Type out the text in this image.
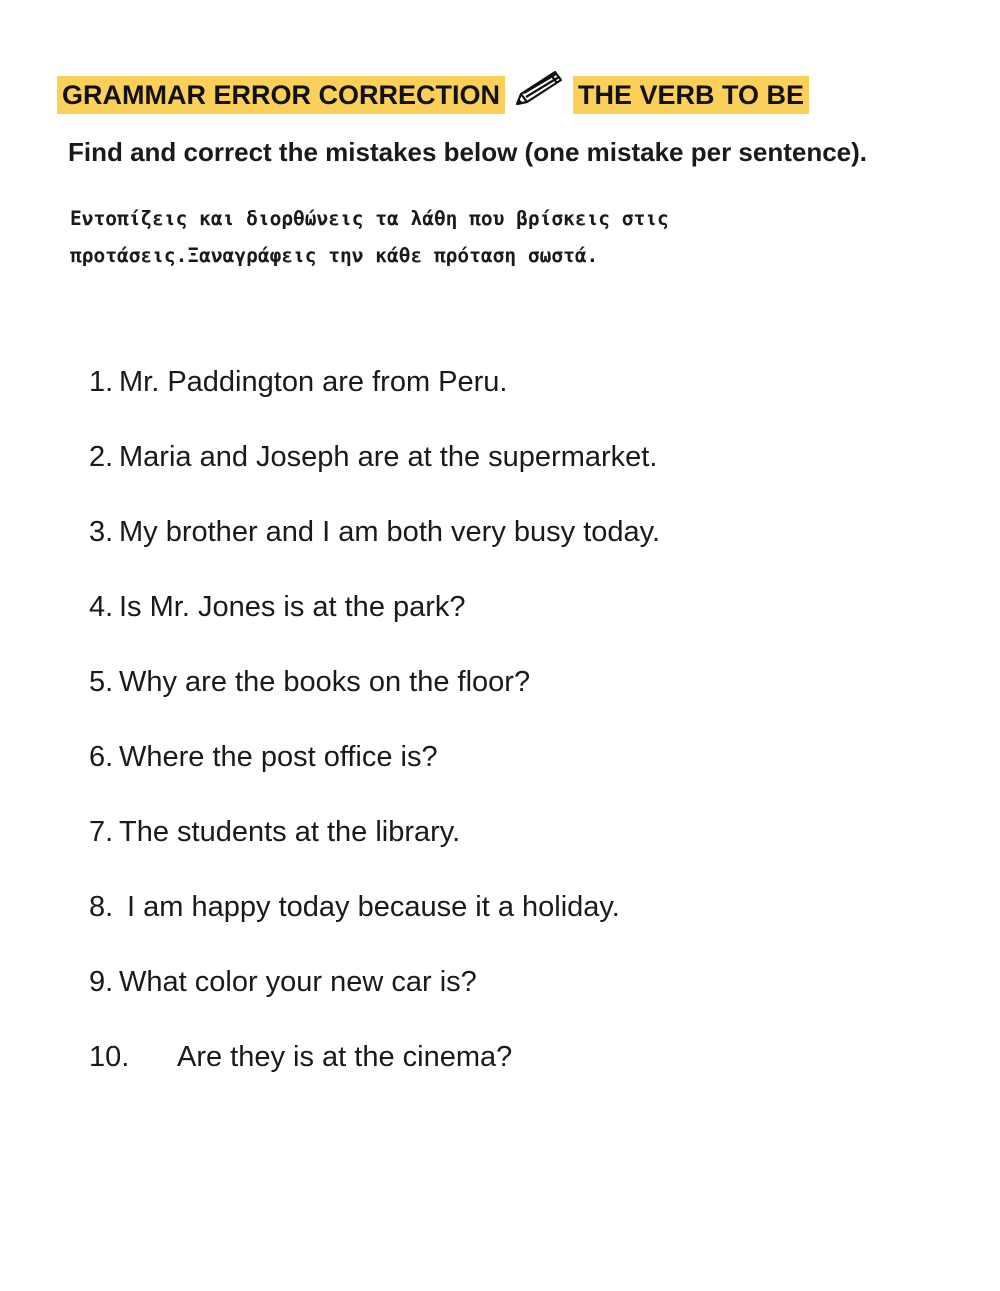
GRAMMAR ERROR CORRECTION	THE VERB TO BE

Find and correct the mistakes below (one mistake per sentence).

Εντοπίζεις και διορθώνεις τα λάθη που βρίσκεις στις προτάσεις.Ξαναγράφεις την κάθε πρόταση σωστά.

1. Mr. Paddington are from Peru.
2. Maria and Joseph are at the supermarket.
3. My brother and I am both very busy today.
4. Is Mr. Jones is at the park?
5. Why are the books on the floor?
6. Where the post office is?
7. The students at the library.
8. I am happy today because it a holiday.
9. What color your new car is?
10.	Are they is at the cinema?
